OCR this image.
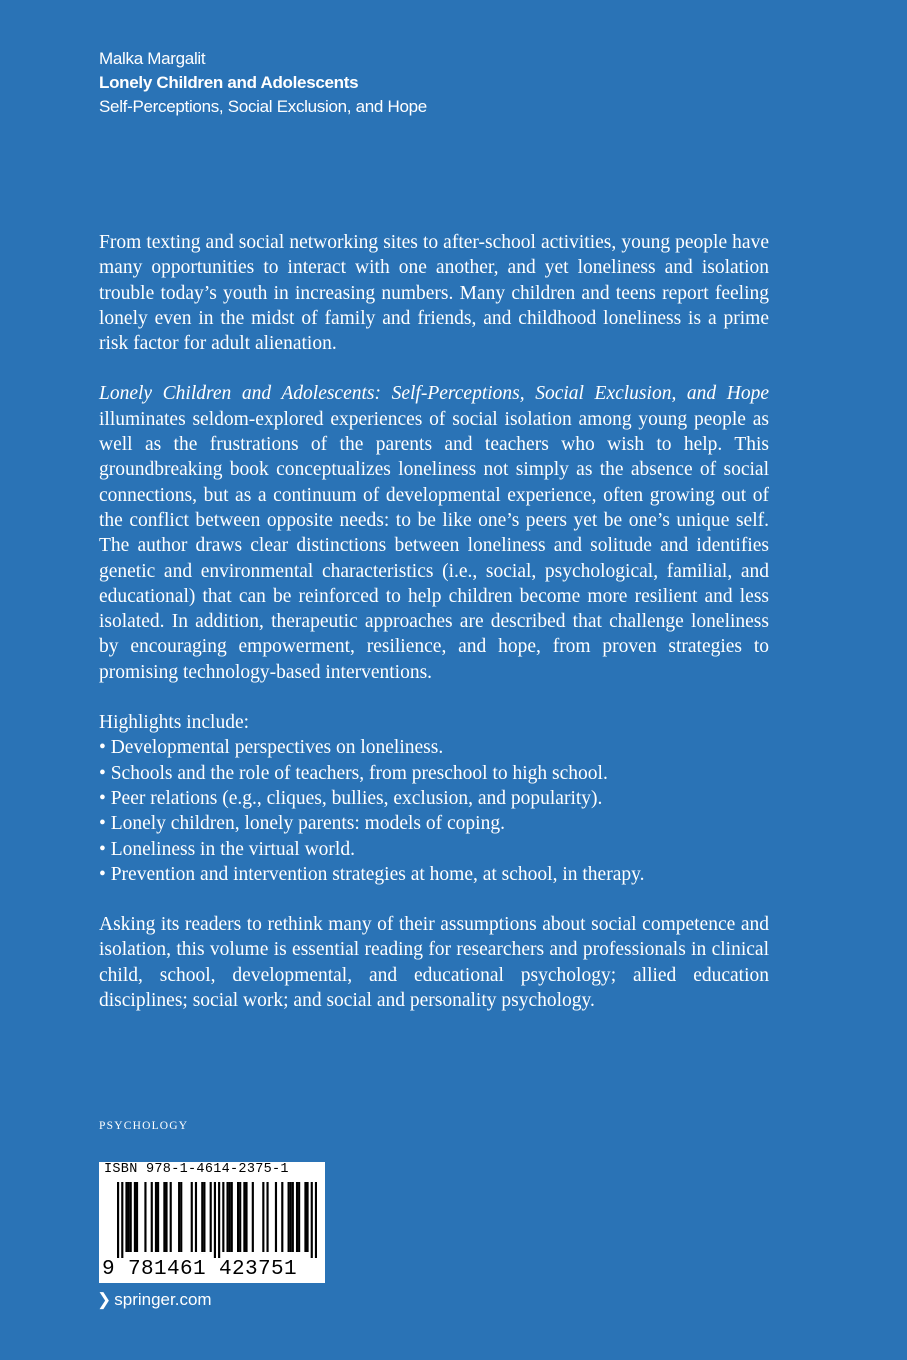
Malka Margalit
Lonely Children and Adolescents
Self-Perceptions, Social Exclusion, and Hope

From texting and social networking sites to after-school activities, young people have many opportunities to interact with one another, and yet loneliness and isolation trouble today’s youth in increasing numbers. Many children and teens report feeling lonely even in the midst of family and friends, and childhood loneliness is a prime risk factor for adult alienation.

Lonely Children and Adolescents: Self-Perceptions, Social Exclusion, and Hope illuminates seldom-explored experiences of social isolation among young people as well as the frustrations of the parents and teachers who wish to help. This groundbreaking book conceptualizes loneliness not simply as the absence of social connections, but as a continuum of developmental experience, often growing out of the conflict between opposite needs: to be like one’s peers yet be one’s unique self. The author draws clear distinctions between loneliness and solitude and identifies genetic and environmental characteristics (i.e., social, psychological, familial, and educational) that can be reinforced to help children become more resilient and less isolated. In addition, therapeutic approaches are described that challenge loneliness by encouraging empowerment, resilience, and hope, from proven strategies to promising technology-based interventions.

Highlights include:
• Developmental perspectives on loneliness.
• Schools and the role of teachers, from preschool to high school.
• Peer relations (e.g., cliques, bullies, exclusion, and popularity).
• Lonely children, lonely parents: models of coping.
• Loneliness in the virtual world.
• Prevention and intervention strategies at home, at school, in therapy.

Asking its readers to rethink many of their assumptions about social competence and isolation, this volume is essential reading for researchers and professionals in clinical child, school, developmental, and educational psychology; allied education disciplines; social work; and social and personality psychology.

PSYCHOLOGY
ISBN 978-1-4614-2375-1
9 781461 423751
❯ springer.com
